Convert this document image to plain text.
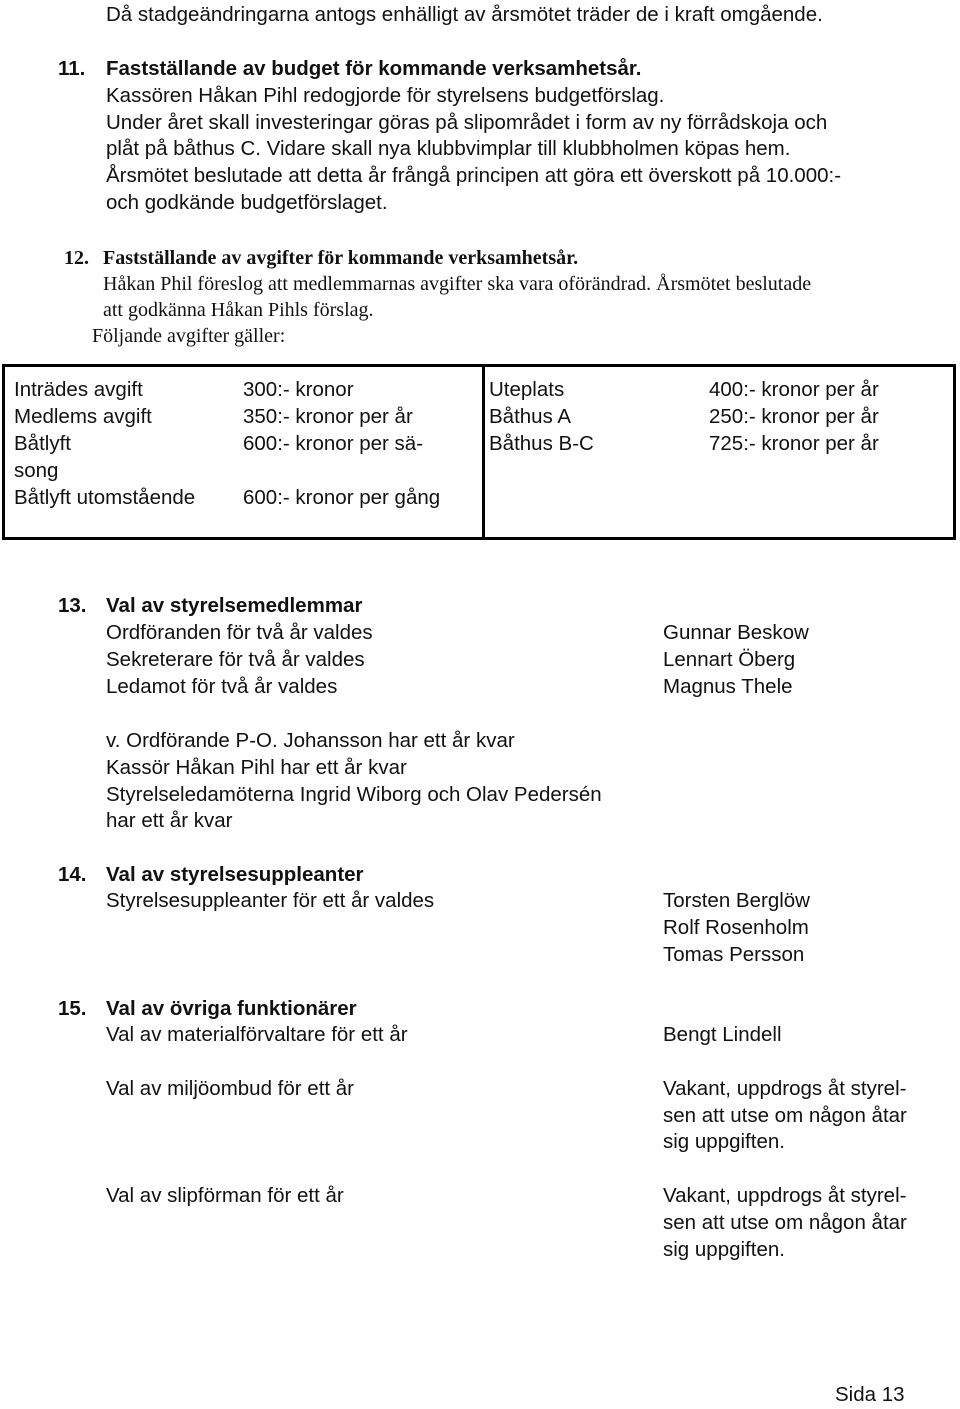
Då stadgeändringarna antogs enhälligt av årsmötet träder de i kraft omgående.
11. Fastställande av budget för kommande verksamhetsår.
Kassören Håkan Pihl redogjorde för styrelsens budgetförslag.
Under året skall investeringar göras på slipområdet i form av ny förrådskoja och
plåt på båthus C. Vidare skall nya klubbvimplar till klubbholmen köpas hem.
Årsmötet beslutade att detta år frångå principen att göra ett överskott på 10.000:-
och godkände budgetförslaget.
12. Fastställande av avgifter för kommande verksamhetsår.
Håkan Phil föreslog att medlemmarnas avgifter ska vara oförändrad. Årsmötet beslutade
att godkänna Håkan Pihls förslag.
Följande avgifter gäller:
Inträdes avgift	300:- kronor
Medlems avgift	350:- kronor per år
Båtlyft	600:- kronor per sä-
song
Båtlyft utomstående 600:- kronor per gång
Uteplats	400:- kronor per år
Båthus A	250:- kronor per år
Båthus B-C	725:- kronor per år
13. Val av styrelsemedlemmar
Ordföranden för två år valdes	Gunnar Beskow
Sekreterare för två år valdes	Lennart Öberg
Ledamot för två år valdes	Magnus Thele
v. Ordförande P-O. Johansson har ett år kvar
Kassör Håkan Pihl har ett år kvar
Styrelseledamöterna Ingrid Wiborg och Olav Pedersén
har ett år kvar
14. Val av styrelsesuppleanter
Styrelsesuppleanter för ett år valdes	Torsten Berglöw
Rolf Rosenholm
Tomas Persson
15. Val av övriga funktionärer
Val av materialförvaltare för ett år	Bengt Lindell
Val av miljöombud för ett år	Vakant, uppdrogs åt styrel-
sen att utse om någon åtar
sig uppgiften.
Val av slipförman för ett år	Vakant, uppdrogs åt styrel-
sen att utse om någon åtar
sig uppgiften.
Sida 13
